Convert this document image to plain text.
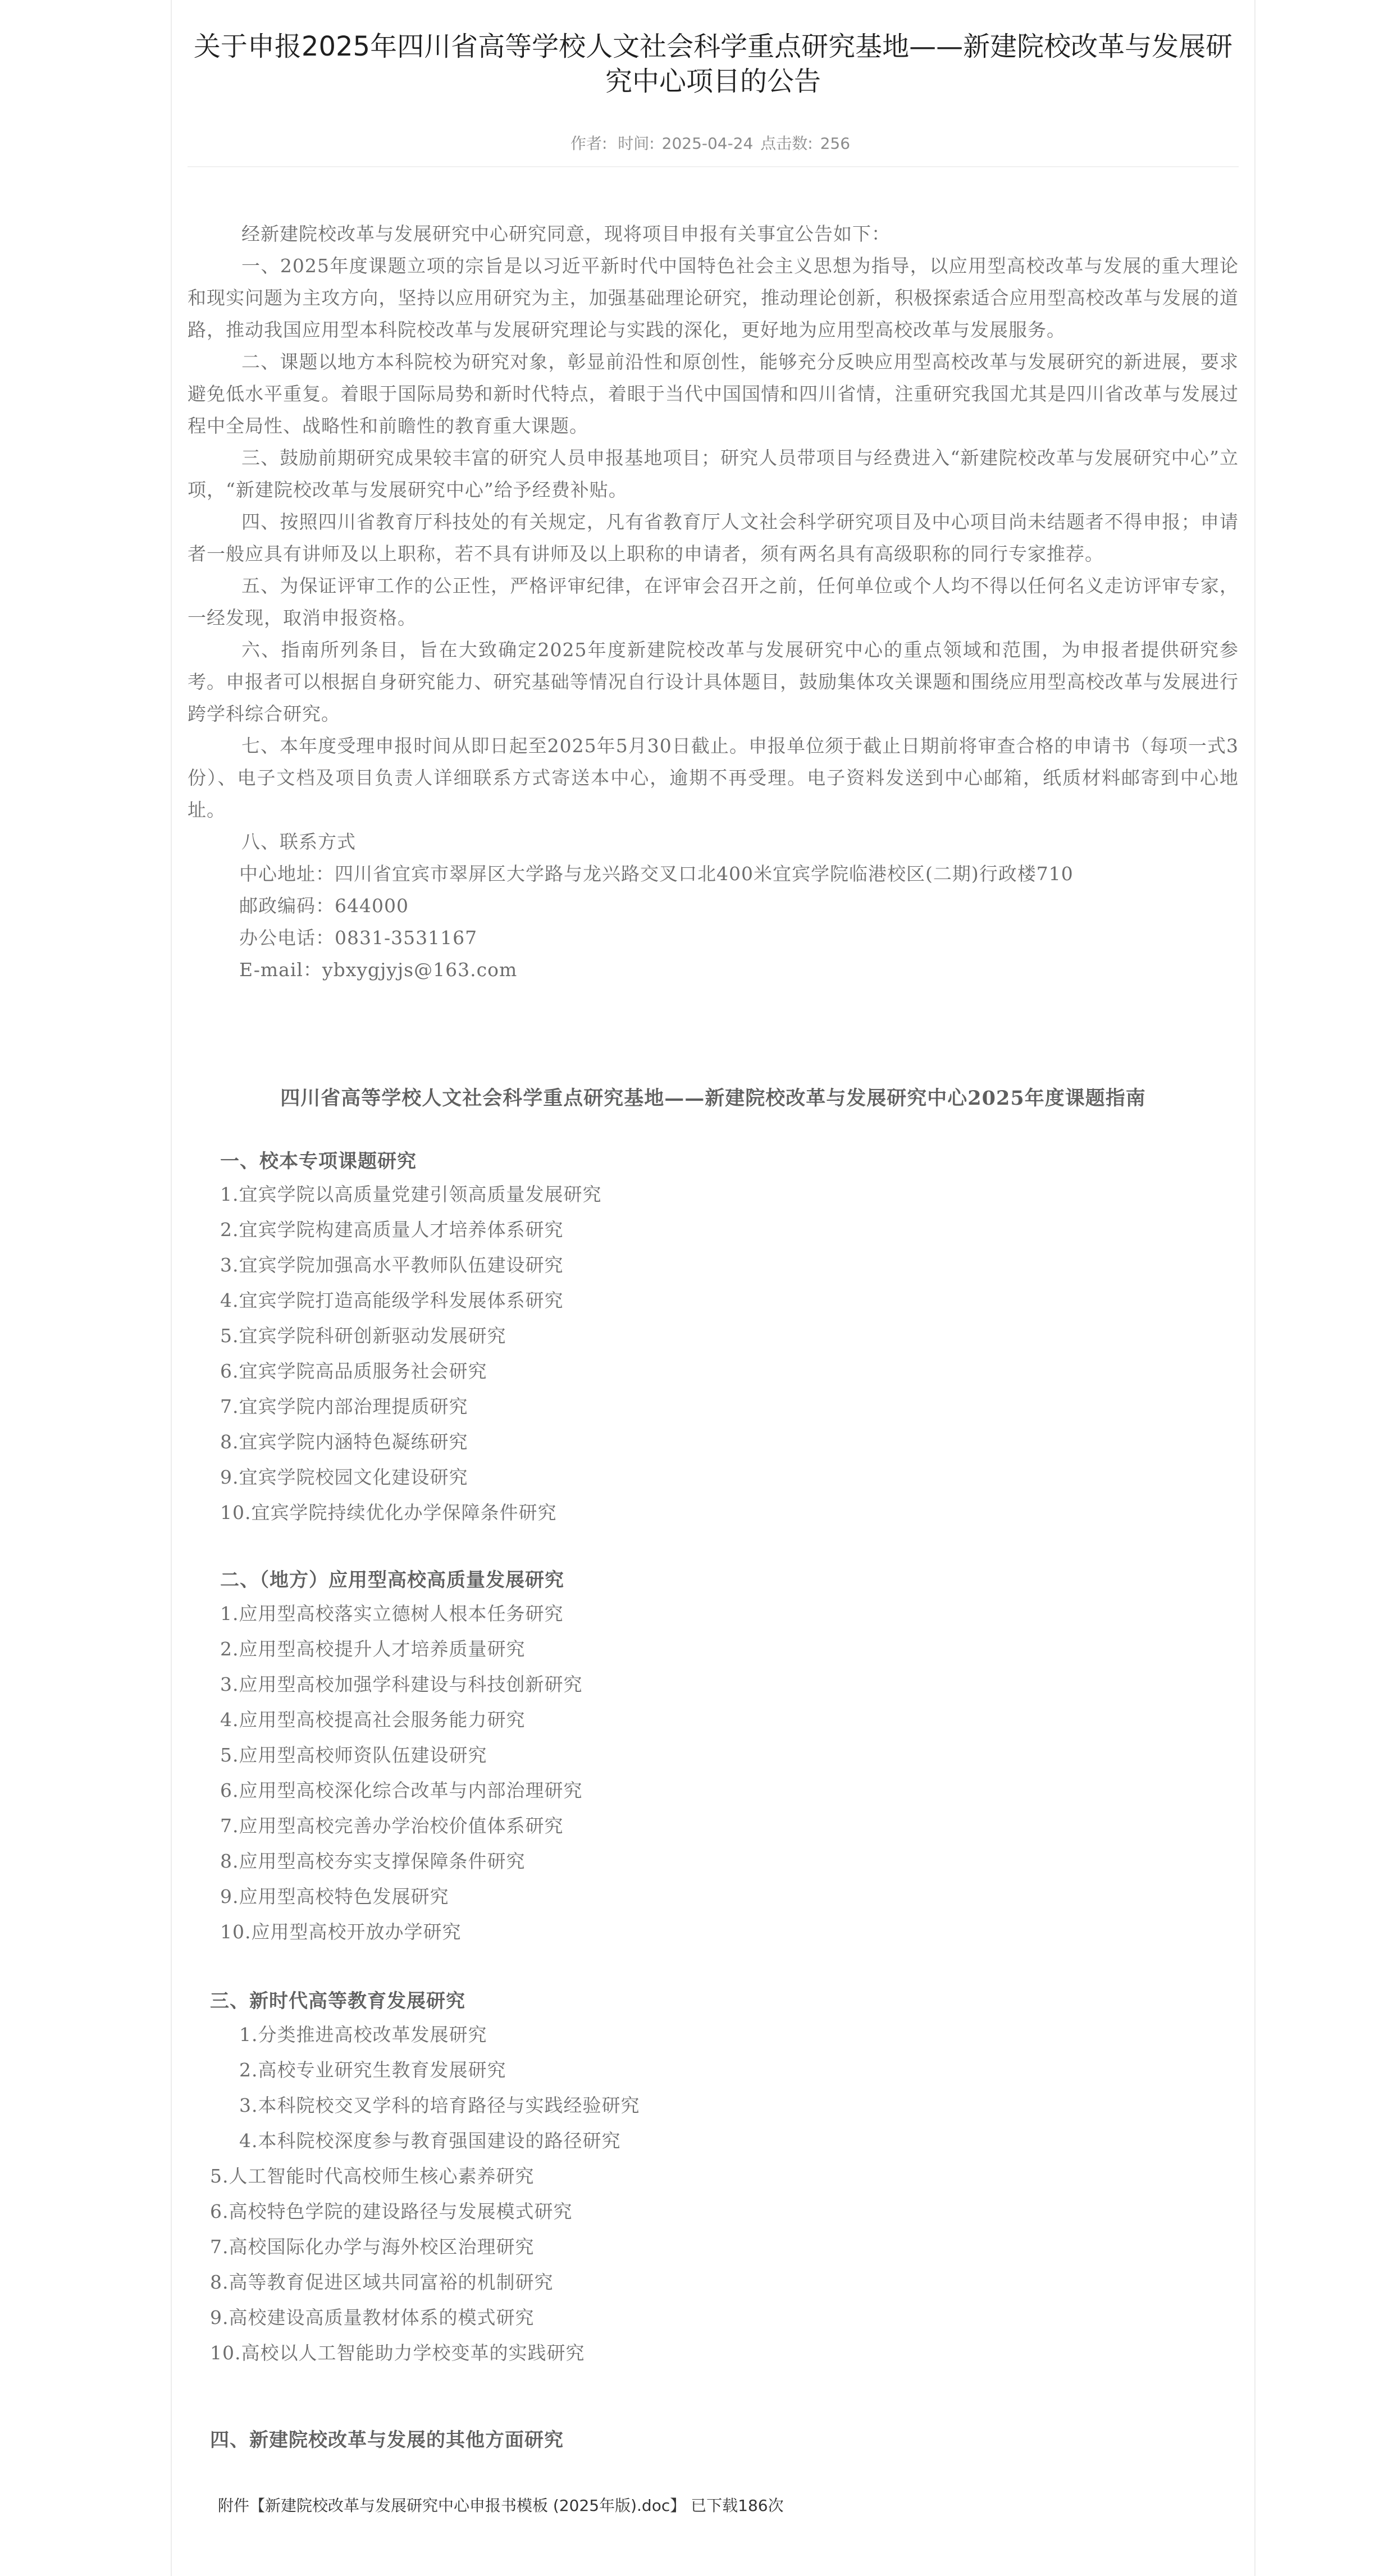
关于申报2025年四川省高等学校人文社会科学重点研究基地——新建院校改革与发展研究中心项目的公告
作者: 时间: 2025-04-24 点击数: 256

经新建院校改革与发展研究中心研究同意，现将项目申报有关事宜公告如下：

一、2025年度课题立项的宗旨是以习近平新时代中国特色社会主义思想为指导，以应用型高校改革与发展的重大理论和现实问题为主攻方向，坚持以应用研究为主，加强基础理论研究，推动理论创新，积极探索适合应用型高校改革与发展的道路，推动我国应用型本科院校改革与发展研究理论与实践的深化，更好地为应用型高校改革与发展服务。

二、课题以地方本科院校为研究对象，彰显前沿性和原创性，能够充分反映应用型高校改革与发展研究的新进展，要求避免低水平重复。着眼于国际局势和新时代特点，着眼于当代中国国情和四川省情，注重研究我国尤其是四川省改革与发展过程中全局性、战略性和前瞻性的教育重大课题。

三、鼓励前期研究成果较丰富的研究人员申报基地项目；研究人员带项目与经费进入“新建院校改革与发展研究中心”立项，“新建院校改革与发展研究中心”给予经费补贴。

四、按照四川省教育厅科技处的有关规定，凡有省教育厅人文社会科学研究项目及中心项目尚未结题者不得申报；申请者一般应具有讲师及以上职称，若不具有讲师及以上职称的申请者，须有两名具有高级职称的同行专家推荐。

五、为保证评审工作的公正性，严格评审纪律，在评审会召开之前，任何单位或个人均不得以任何名义走访评审专家，一经发现，取消申报资格。

六、指南所列条目，旨在大致确定2025年度新建院校改革与发展研究中心的重点领域和范围，为申报者提供研究参考。申报者可以根据自身研究能力、研究基础等情况自行设计具体题目，鼓励集体攻关课题和围绕应用型高校改革与发展进行跨学科综合研究。

七、本年度受理申报时间从即日起至2025年5月30日截止。申报单位须于截止日期前将审查合格的申请书（每项一式3份）、电子文档及项目负责人详细联系方式寄送本中心，逾期不再受理。电子资料发送到中心邮箱，纸质材料邮寄到中心地址。

八、联系方式

中心地址：四川省宜宾市翠屏区大学路与龙兴路交叉口北400米宜宾学院临港校区(二期)行政楼710

邮政编码：644000

办公电话：0831-3531167

E-mail：ybxygjyjs@163.com

四川省高等学校人文社会科学重点研究基地——新建院校改革与发展研究中心2025年度课题指南
一、校本专项课题研究
1.宜宾学院以高质量党建引领高质量发展研究
2.宜宾学院构建高质量人才培养体系研究
3.宜宾学院加强高水平教师队伍建设研究
4.宜宾学院打造高能级学科发展体系研究
5.宜宾学院科研创新驱动发展研究
6.宜宾学院高品质服务社会研究
7.宜宾学院内部治理提质研究
8.宜宾学院内涵特色凝练研究
9.宜宾学院校园文化建设研究
10.宜宾学院持续优化办学保障条件研究
二、（地方）应用型高校高质量发展研究
1.应用型高校落实立德树人根本任务研究
2.应用型高校提升人才培养质量研究
3.应用型高校加强学科建设与科技创新研究
4.应用型高校提高社会服务能力研究
5.应用型高校师资队伍建设研究
6.应用型高校深化综合改革与内部治理研究
7.应用型高校完善办学治校价值体系研究
8.应用型高校夯实支撑保障条件研究
9.应用型高校特色发展研究
10.应用型高校开放办学研究
三、新时代高等教育发展研究
1.分类推进高校改革发展研究
2.高校专业研究生教育发展研究
3.本科院校交叉学科的培育路径与实践经验研究
4.本科院校深度参与教育强国建设的路径研究
5.人工智能时代高校师生核心素养研究
6.高校特色学院的建设路径与发展模式研究
7.高校国际化办学与海外校区治理研究
8.高等教育促进区域共同富裕的机制研究
9.高校建设高质量教材体系的模式研究
10.高校以人工智能助力学校变革的实践研究
四、新建院校改革与发展的其他方面研究
附件【新建院校改革与发展研究中心申报书模板 (2025年版).doc】 已下载186次
